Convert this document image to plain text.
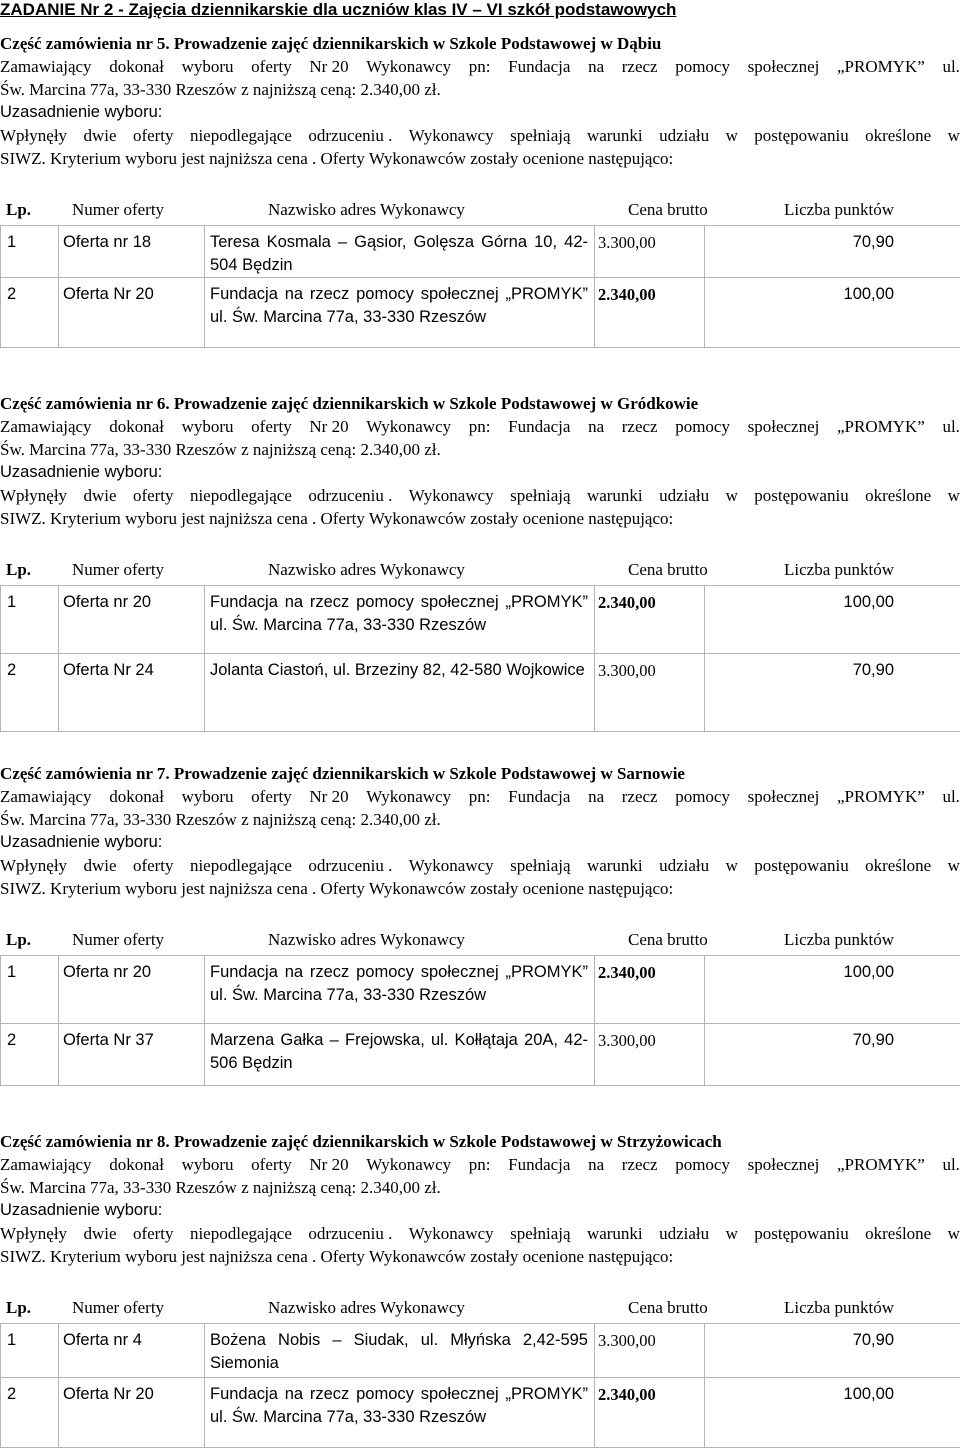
ZADANIE Nr 2 - Zajęcia dziennikarskie dla uczniów klas IV – VI szkół podstawowych
Część zamówienia nr 5. Prowadzenie zajęć dziennikarskich w Szkole Podstawowej w Dąbiu
Zamawiający dokonał wyboru oferty Nr 20 Wykonawcy pn: Fundacja na rzecz pomocy społecznej „PROMYK” ul.
Św. Marcina 77a, 33-330 Rzeszów z najniższą ceną: 2.340,00 zł.
Uzasadnienie wyboru:
Wpłynęły dwie oferty niepodlegające odrzuceniu . Wykonawcy spełniają warunki udziału w postępowaniu określone w
SIWZ. Kryterium wyboru jest najniższa cena . Oferty Wykonawców zostały ocenione następująco:
Lp. Numer oferty	Nazwisko adres Wykonawcy	Cena brutto	Liczba punktów
1	Oferta nr 18	Teresa Kosmala – Gąsior, Golęsza Górna 10, 42-504 Będzin	3.300,00	70,90
2	Oferta Nr 20	Fundacja na rzecz pomocy społecznej „PROMYK” ul. Św. Marcina 77a, 33-330 Rzeszów	2.340,00	100,00
Część zamówienia nr 6. Prowadzenie zajęć dziennikarskich w Szkole Podstawowej w Gródkowie
Zamawiający dokonał wyboru oferty Nr 20 Wykonawcy pn: Fundacja na rzecz pomocy społecznej „PROMYK” ul.
Św. Marcina 77a, 33-330 Rzeszów z najniższą ceną: 2.340,00 zł.
Uzasadnienie wyboru:
Wpłynęły dwie oferty niepodlegające odrzuceniu . Wykonawcy spełniają warunki udziału w postępowaniu określone w
SIWZ. Kryterium wyboru jest najniższa cena . Oferty Wykonawców zostały ocenione następująco:
Lp. Numer oferty	Nazwisko adres Wykonawcy	Cena brutto	Liczba punktów
1	Oferta nr 20	Fundacja na rzecz pomocy społecznej „PROMYK” ul. Św. Marcina 77a, 33-330 Rzeszów	2.340,00	100,00
2	Oferta Nr 24	Jolanta Ciastoń, ul. Brzeziny 82, 42-580 Wojkowice	3.300,00	70,90
Część zamówienia nr 7. Prowadzenie zajęć dziennikarskich w Szkole Podstawowej w Sarnowie
Zamawiający dokonał wyboru oferty Nr 20 Wykonawcy pn: Fundacja na rzecz pomocy społecznej „PROMYK” ul.
Św. Marcina 77a, 33-330 Rzeszów z najniższą ceną: 2.340,00 zł.
Uzasadnienie wyboru:
Wpłynęły dwie oferty niepodlegające odrzuceniu . Wykonawcy spełniają warunki udziału w postępowaniu określone w
SIWZ. Kryterium wyboru jest najniższa cena . Oferty Wykonawców zostały ocenione następująco:
Lp. Numer oferty	Nazwisko adres Wykonawcy	Cena brutto	Liczba punktów
1	Oferta nr 20	Fundacja na rzecz pomocy społecznej „PROMYK” ul. Św. Marcina 77a, 33-330 Rzeszów	2.340,00	100,00
2	Oferta Nr 37	Marzena Gałka – Frejowska, ul. Kołłątaja 20A, 42-506 Będzin	3.300,00	70,90
Część zamówienia nr 8. Prowadzenie zajęć dziennikarskich w Szkole Podstawowej w Strzyżowicach
Zamawiający dokonał wyboru oferty Nr 20 Wykonawcy pn: Fundacja na rzecz pomocy społecznej „PROMYK” ul.
Św. Marcina 77a, 33-330 Rzeszów z najniższą ceną: 2.340,00 zł.
Uzasadnienie wyboru:
Wpłynęły dwie oferty niepodlegające odrzuceniu . Wykonawcy spełniają warunki udziału w postępowaniu określone w
SIWZ. Kryterium wyboru jest najniższa cena . Oferty Wykonawców zostały ocenione następująco:
Lp. Numer oferty	Nazwisko adres Wykonawcy	Cena brutto	Liczba punktów
1	Oferta nr 4	Bożena Nobis – Siudak, ul. Młyńska 2,42-595 Siemonia	3.300,00	70,90
2	Oferta Nr 20	Fundacja na rzecz pomocy społecznej „PROMYK” ul. Św. Marcina 77a, 33-330 Rzeszów	2.340,00	100,00
